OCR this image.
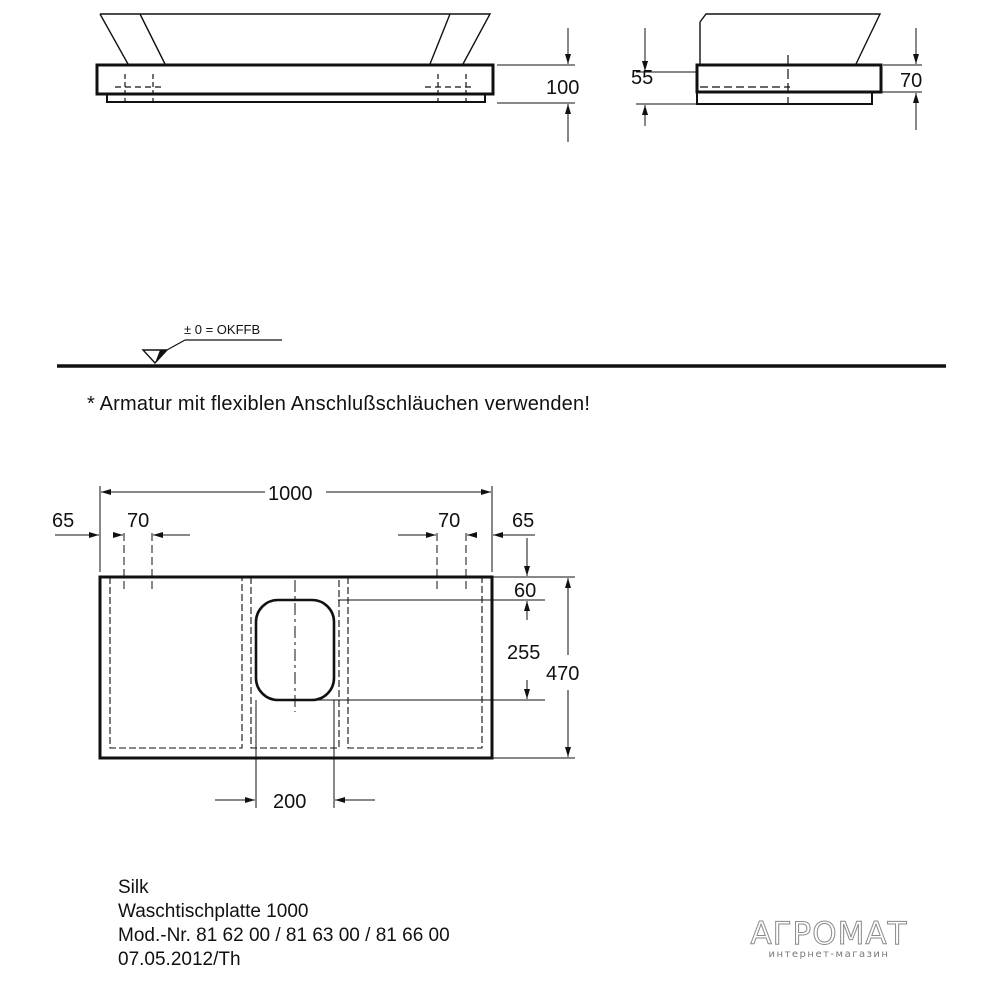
100	55	70
± 0 = OKFFB
1000
65	70	70	65
60
255
470
200
* Armatur mit flexiblen Anschlußschläuchen verwenden!
Silk
Waschtischplatte 1000
Mod.-Nr. 81 62 00 / 81 63 00 / 81 66 00
07.05.2012/Th
АГРОМАТ
интернет-магазин
